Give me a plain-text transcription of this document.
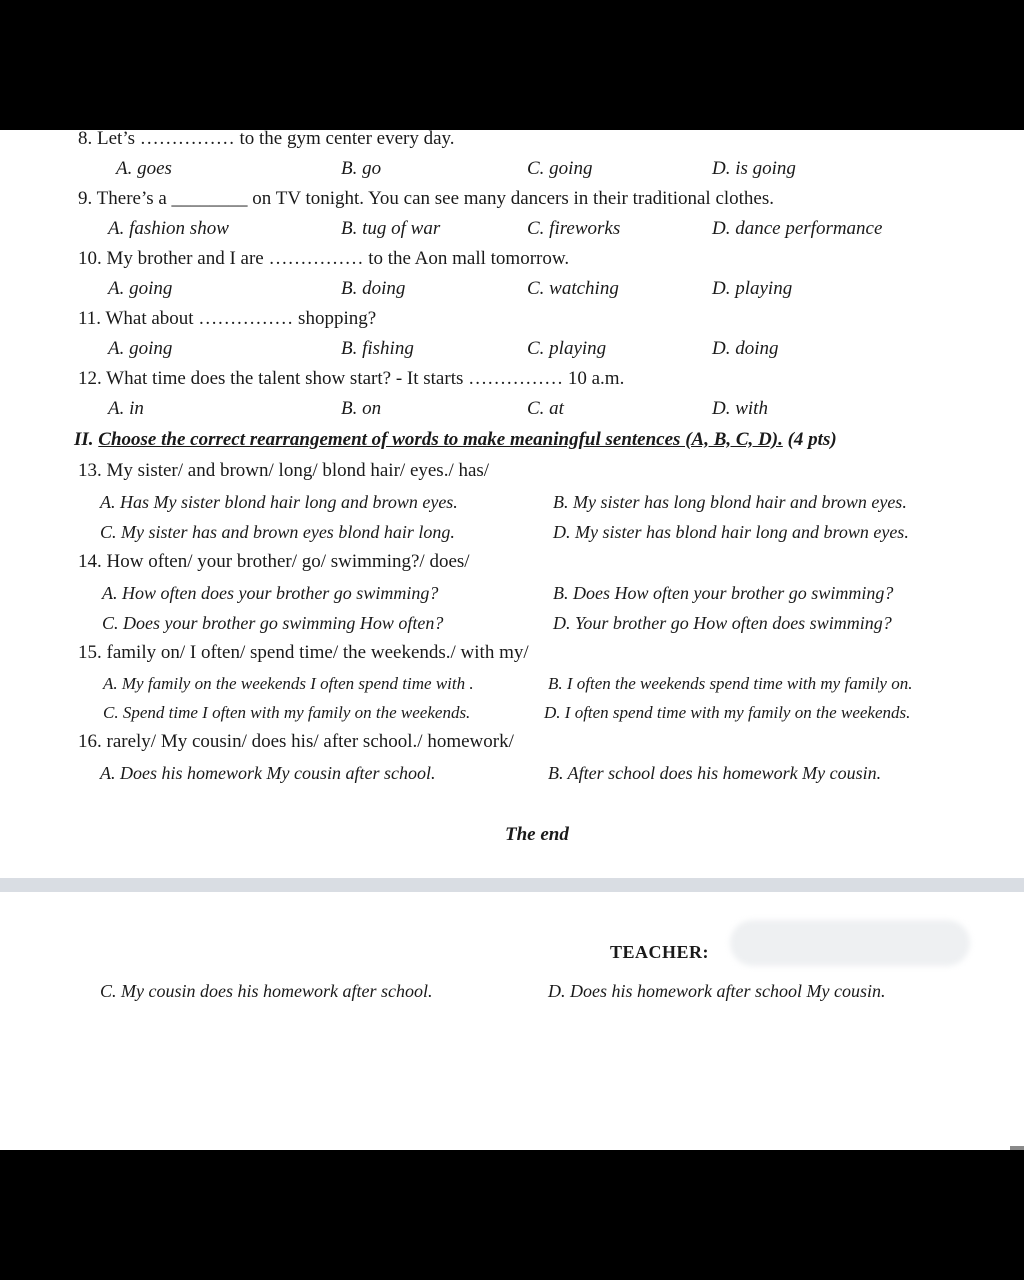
8. Let’s …………… to the gym center every day.
A. goes	B. go	C. going	D. is going
9. There’s a ________ on TV tonight. You can see many dancers in their traditional clothes.
A. fashion show	B. tug of war	C. fireworks	D. dance performance
10. My brother and I are …………… to the Aon mall tomorrow.
A. going	B. doing	C. watching	D. playing
11. What about …………… shopping?
A. going	B. fishing	C. playing	D. doing
12. What time does the talent show start? - It starts …………… 10 a.m.
A. in	B. on	C. at	D. with
II. Choose the correct rearrangement of words to make meaningful sentences (A, B, C, D). (4 pts)
13. My sister/ and brown/ long/ blond hair/ eyes./ has/
A. Has My sister blond hair long and brown eyes.	B. My sister has long blond hair and brown eyes.
C. My sister has and brown eyes blond hair long.	D. My sister has blond hair long and brown eyes.
14. How often/ your brother/ go/ swimming?/ does/
A. How often does your brother go swimming?	B. Does How often your brother go swimming?
C. Does your brother go swimming How often?	D. Your brother go How often does swimming?
15. family on/ I often/ spend time/ the weekends./ with my/
A. My family on the weekends I often spend time with .	B. I often the weekends spend time with my family on.
C. Spend time I often with my family on the weekends.	D. I often spend time with my family on the weekends.
16. rarely/ My cousin/ does his/ after school./ homework/
A. Does his homework My cousin after school.	B. After school does his homework My cousin.
The end
TEACHER:
C. My cousin does his homework after school.	D. Does his homework after school My cousin.
